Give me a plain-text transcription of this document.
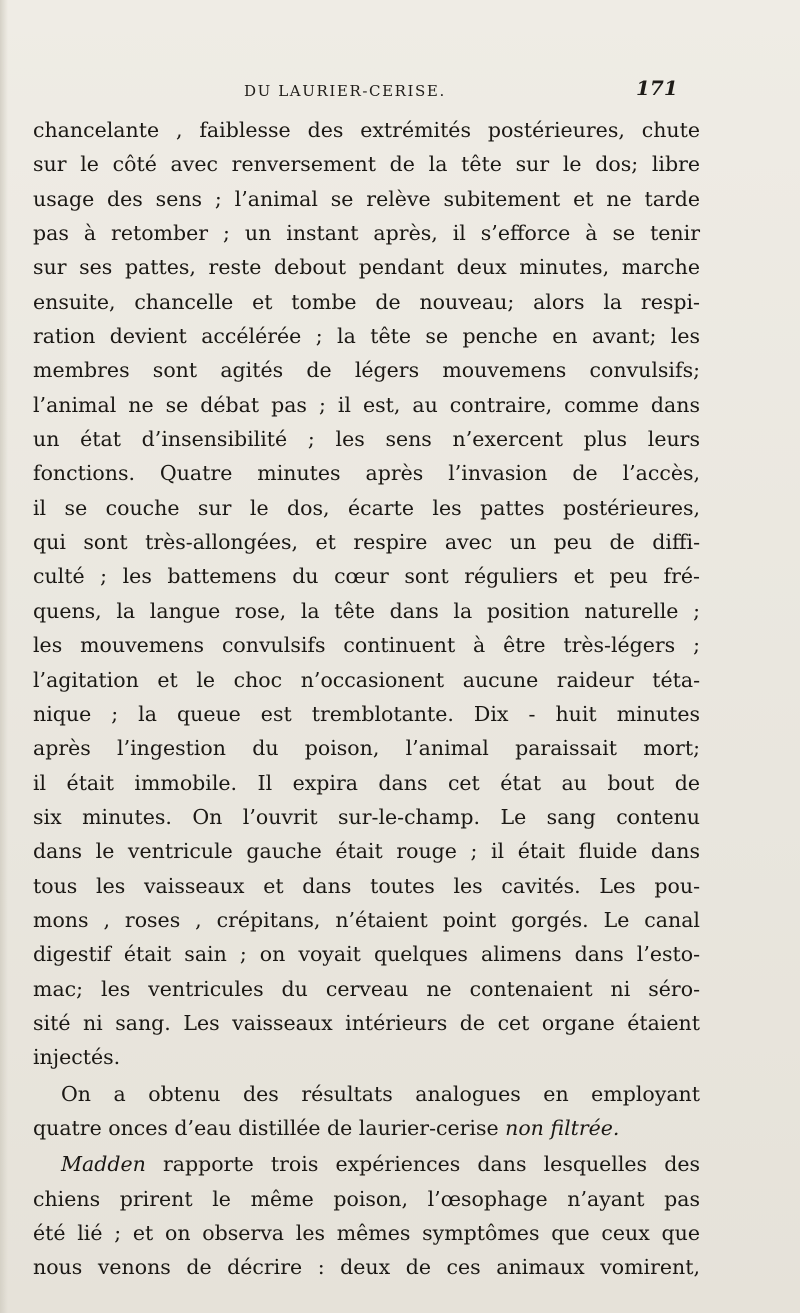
DU LAURIER-CERISE.	171
chancelante , faiblesse des extrémités postérieures, chute
sur le côté avec renversement de la tête sur le dos; libre
usage des sens ; l’animal se relève subitement et ne tarde
pas à retomber ; un instant après, il s’efforce à se tenir
sur ses pattes, reste debout pendant deux minutes, marche
ensuite, chancelle et tombe de nouveau; alors la respi-
ration devient accélérée ; la tête se penche en avant; les
membres sont agités de légers mouvemens convulsifs;
l’animal ne se débat pas ; il est, au contraire, comme dans
un état d’insensibilité ; les sens n’exercent plus leurs
fonctions. Quatre minutes après l’invasion de l’accès,
il se couche sur le dos, écarte les pattes postérieures,
qui sont très-allongées, et respire avec un peu de diffi-
culté ; les battemens du cœur sont réguliers et peu fré-
quens, la langue rose, la tête dans la position naturelle ;
les mouvemens convulsifs continuent à être très-légers ;
l’agitation et le choc n’occasionent aucune raideur téta-
nique ; la queue est tremblotante. Dix - huit minutes
après l’ingestion du poison, l’animal paraissait mort;
il était immobile. Il expira dans cet état au bout de
six minutes. On l’ouvrit sur-le-champ. Le sang contenu
dans le ventricule gauche était rouge ; il était fluide dans
tous les vaisseaux et dans toutes les cavités. Les pou-
mons , roses , crépitans, n’étaient point gorgés. Le canal
digestif était sain ; on voyait quelques alimens dans l’esto-
mac; les ventricules du cerveau ne contenaient ni séro-
sité ni sang. Les vaisseaux intérieurs de cet organe étaient
injectés.
On a obtenu des résultats analogues en employant
quatre onces d’eau distillée de laurier-cerise non filtrée.
Madden rapporte trois expériences dans lesquelles des
chiens prirent le même poison, l’œsophage n’ayant pas
été lié ; et on observa les mêmes symptômes que ceux que
nous venons de décrire : deux de ces animaux vomirent,
